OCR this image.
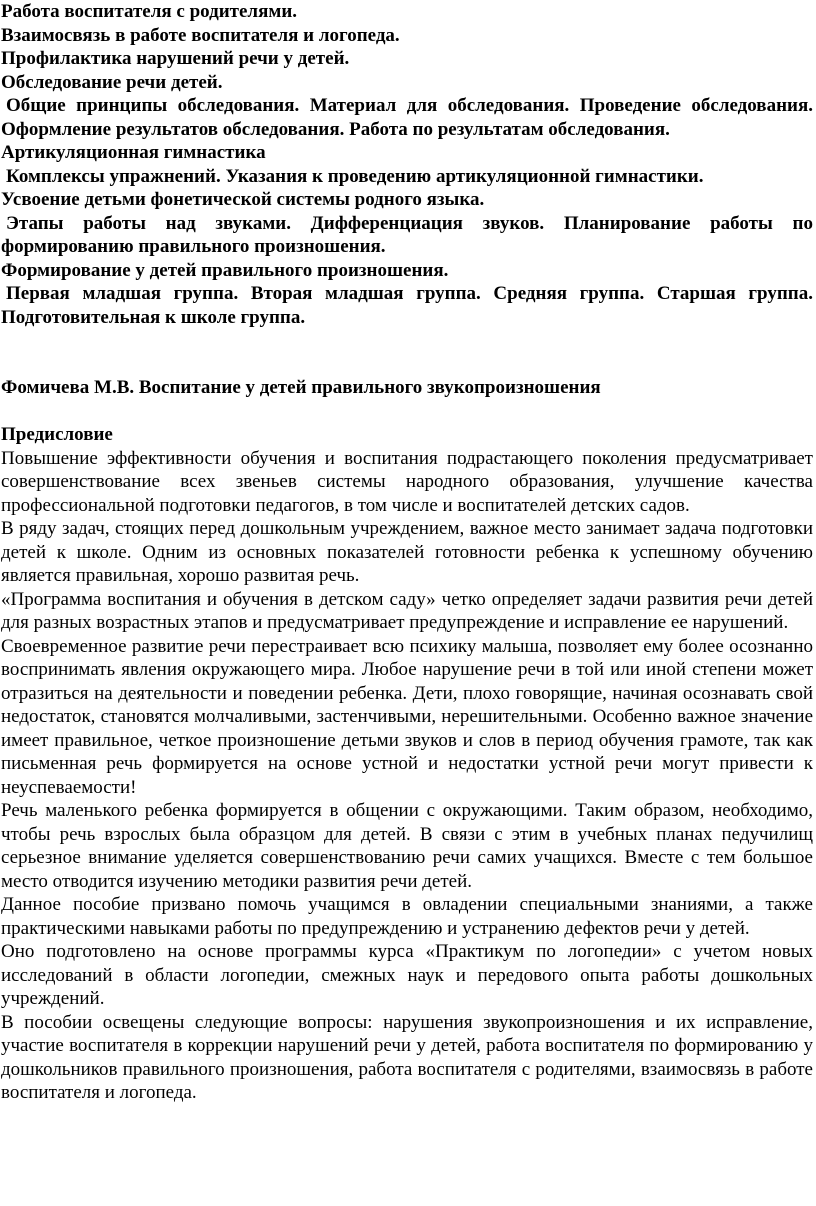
Работа воспитателя с родителями.

Взаимосвязь в работе воспитателя и логопеда.

Профилактика нарушений речи у детей.

Обследование речи детей.

Общие принципы обследования. Материал для обследования. Проведение обследования. Оформление результатов обследования. Работа по результатам обследования.

Артикуляционная гимнастика

Комплексы упражнений. Указания к проведению артикуляционной гимнастики.

Усвоение детьми фонетической системы родного языка.

Этапы работы над звуками. Дифференциация звуков. Планирование работы по формированию правильного произношения.

Формирование у детей правильного произношения.

Первая младшая группа. Вторая младшая группа. Средняя группа. Старшая группа. Подготовительная к школе группа.

Фомичева М.В. Воспитание у детей правильного звукопроизношения

Предисловие

Повышение эффективности обучения и воспитания подрастающего поколения предусматривает совершенствование всех звеньев системы народного образования, улучшение качества профессиональной подготовки педагогов, в том числе и воспитателей детских садов.

В ряду задач, стоящих перед дошкольным учреждением, важное место занимает задача подготовки детей к школе. Одним из основных показателей готовности ребенка к успешному обучению является правильная, хорошо развитая речь.

«Программа воспитания и обучения в детском саду» четко определяет задачи развития речи детей для разных возрастных этапов и предусматривает предупреждение и исправление ее нарушений.

Своевременное развитие речи перестраивает всю психику малыша, позволяет ему более осознанно воспринимать явления окружающего мира. Любое нарушение речи в той или иной степени может отразиться на деятельности и поведении ребенка. Дети, плохо говорящие, начиная осознавать свой недостаток, становятся молчаливыми, застенчивыми, нерешительными. Особенно важное значение имеет правильное, четкое произношение детьми звуков и слов в период обучения грамоте, так как письменная речь формируется на основе устной и недостатки устной речи могут привести к неуспеваемости!

Речь маленького ребенка формируется в общении с окружающими. Таким образом, необходимо, чтобы речь взрослых была образцом для детей. В связи с этим в учебных планах педучилищ серьезное внимание уделяется совершенствованию речи самих учащихся. Вместе с тем большое место отводится изучению методики развития речи детей.

Данное пособие призвано помочь учащимся в овладении специальными знаниями, а также практическими навыками работы по предупреждению и устранению дефектов речи у детей.

Оно подготовлено на основе программы курса «Практикум по логопедии» с учетом новых исследований в области логопедии, смежных наук и передового опыта работы дошкольных учреждений.

В пособии освещены следующие вопросы: нарушения звукопроизношения и их исправление, участие воспитателя в коррекции нарушений речи у детей, работа воспитателя по формированию у дошкольников правильного произношения, работа воспитателя с родителями, взаимосвязь в работе воспитателя и логопеда.
